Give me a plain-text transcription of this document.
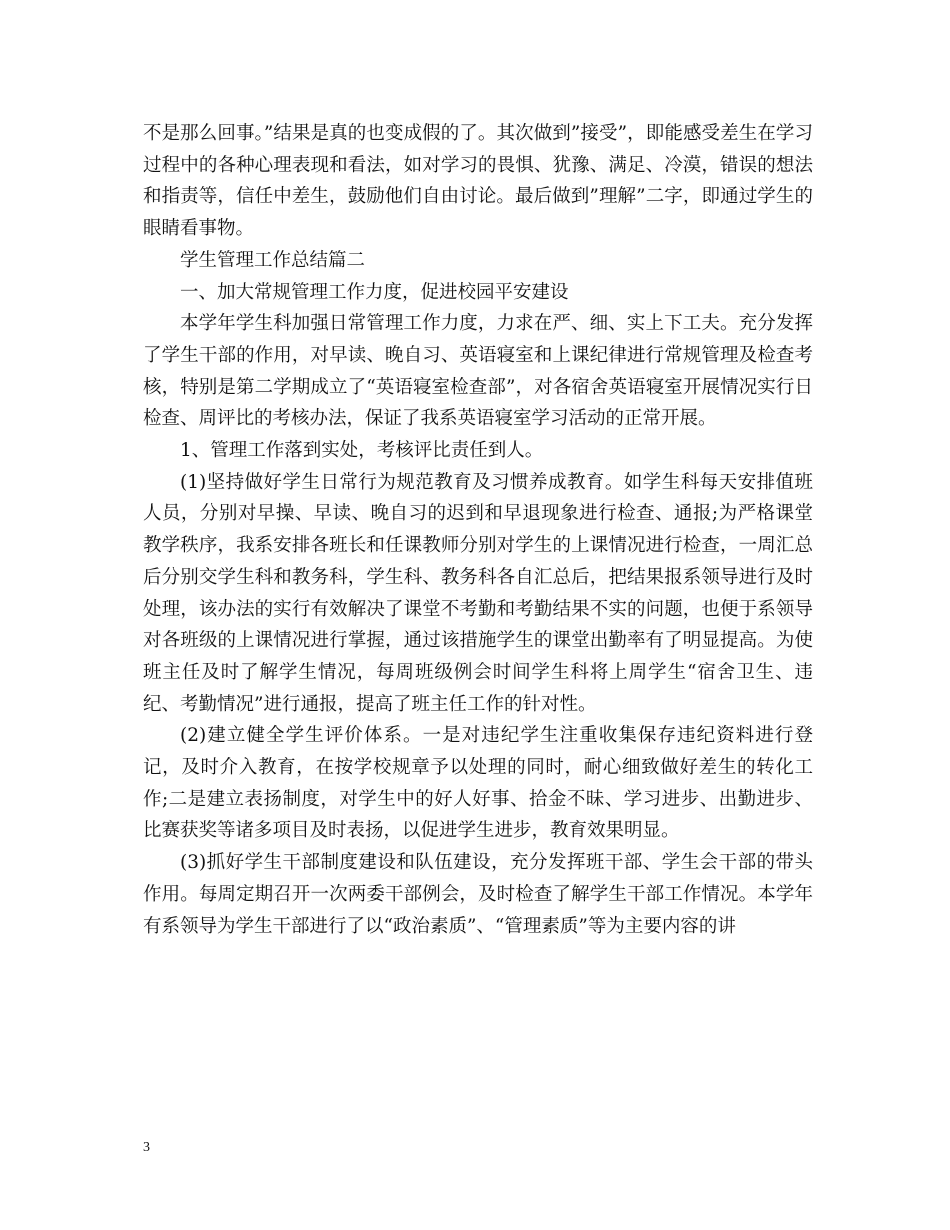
不是那么回事。”结果是真的也变成假的了。其次做到”接受”，即能感受差生在学习过程中的各种心理表现和看法，如对学习的畏惧、犹豫、满足、冷漠，错误的想法和指责等，信任中差生，鼓励他们自由讨论。最后做到”理解”二字，即通过学生的眼睛看事物。

学生管理工作总结篇二

一、加大常规管理工作力度，促进校园平安建设

本学年学生科加强日常管理工作力度，力求在严、细、实上下工夫。充分发挥了学生干部的作用，对早读、晚自习、英语寝室和上课纪律进行常规管理及检查考核，特别是第二学期成立了“英语寝室检查部”，对各宿舍英语寝室开展情况实行日检查、周评比的考核办法，保证了我系英语寝室学习活动的正常开展。

1、管理工作落到实处，考核评比责任到人。

(1)坚持做好学生日常行为规范教育及习惯养成教育。如学生科每天安排值班人员，分别对早操、早读、晚自习的迟到和早退现象进行检查、通报;为严格课堂教学秩序，我系安排各班长和任课教师分别对学生的上课情况进行检查，一周汇总后分别交学生科和教务科，学生科、教务科各自汇总后，把结果报系领导进行及时处理，该办法的实行有效解决了课堂不考勤和考勤结果不实的问题，也便于系领导对各班级的上课情况进行掌握，通过该措施学生的课堂出勤率有了明显提高。为使班主任及时了解学生情况，每周班级例会时间学生科将上周学生“宿舍卫生、违纪、考勤情况”进行通报，提高了班主任工作的针对性。

(2)建立健全学生评价体系。一是对违纪学生注重收集保存违纪资料进行登记，及时介入教育，在按学校规章予以处理的同时，耐心细致做好差生的转化工作;二是建立表扬制度，对学生中的好人好事、拾金不昧、学习进步、出勤进步、比赛获奖等诸多项目及时表扬，以促进学生进步，教育效果明显。

(3)抓好学生干部制度建设和队伍建设，充分发挥班干部、学生会干部的带头作用。每周定期召开一次两委干部例会，及时检查了解学生干部工作情况。本学年有系领导为学生干部进行了以“政治素质”、“管理素质”等为主要内容的讲

3
